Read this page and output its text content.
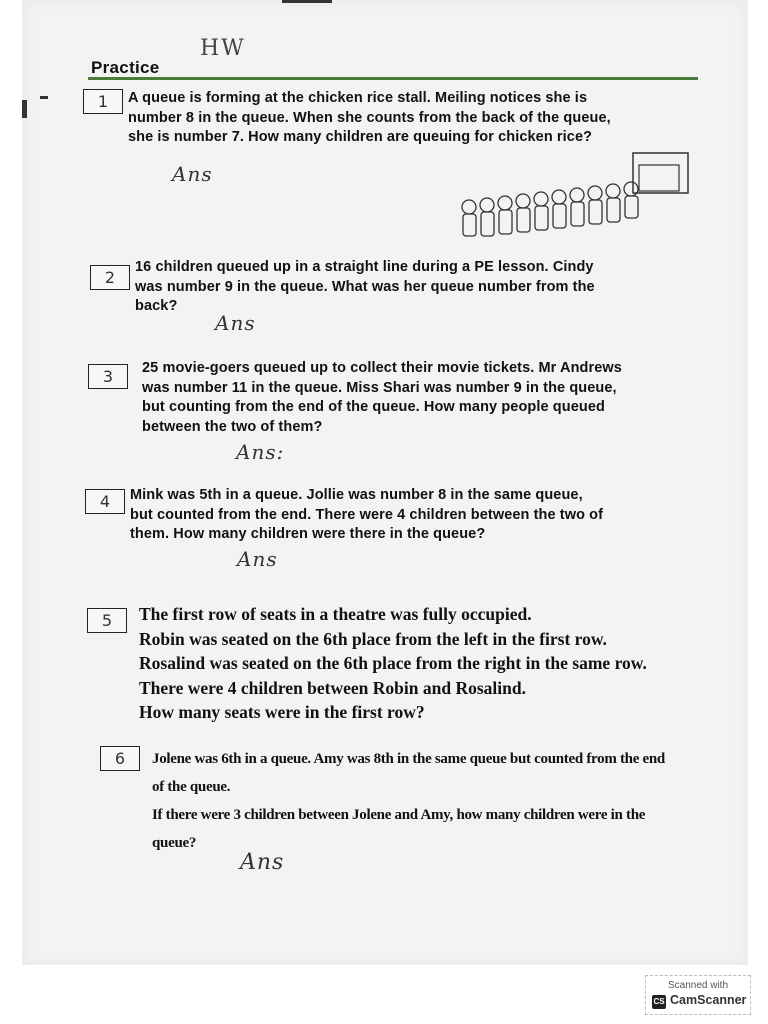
HW
Practice
1	A queue is forming at the chicken rice stall. Meiling notices she is
number 8 in the queue. When she counts from the back of the queue,
she is number 7. How many children are queuing for chicken rice?
Ans
2
16 children queued up in a straight line during a PE lesson. Cindy
was number 9 in the queue. What was her queue number from the
back?
Ans
3	25 movie-goers queued up to collect their movie tickets. Mr Andrews
was number 11 in the queue. Miss Shari was number 9 in the queue,
but counting from the end of the queue. How many people queued
between the two of them?
Ans:
4	Mink was 5th in a queue. Jollie was number 8 in the same queue,
but counted from the end. There were 4 children between the two of
them. How many children were there in the queue?
Ans
5	The first row of seats in a theatre was fully occupied.
Robin was seated on the 6th place from the left in the first row.
Rosalind was seated on the 6th place from the right in the same row.
There were 4 children between Robin and Rosalind.
How many seats were in the first row?
6	Jolene was 6th in a queue. Amy was 8th in the same queue but counted from the end
of the queue.
If there were 3 children between Jolene and Amy, how many children were in the
queue?
Ans
Scanned with
CS CamScanner
